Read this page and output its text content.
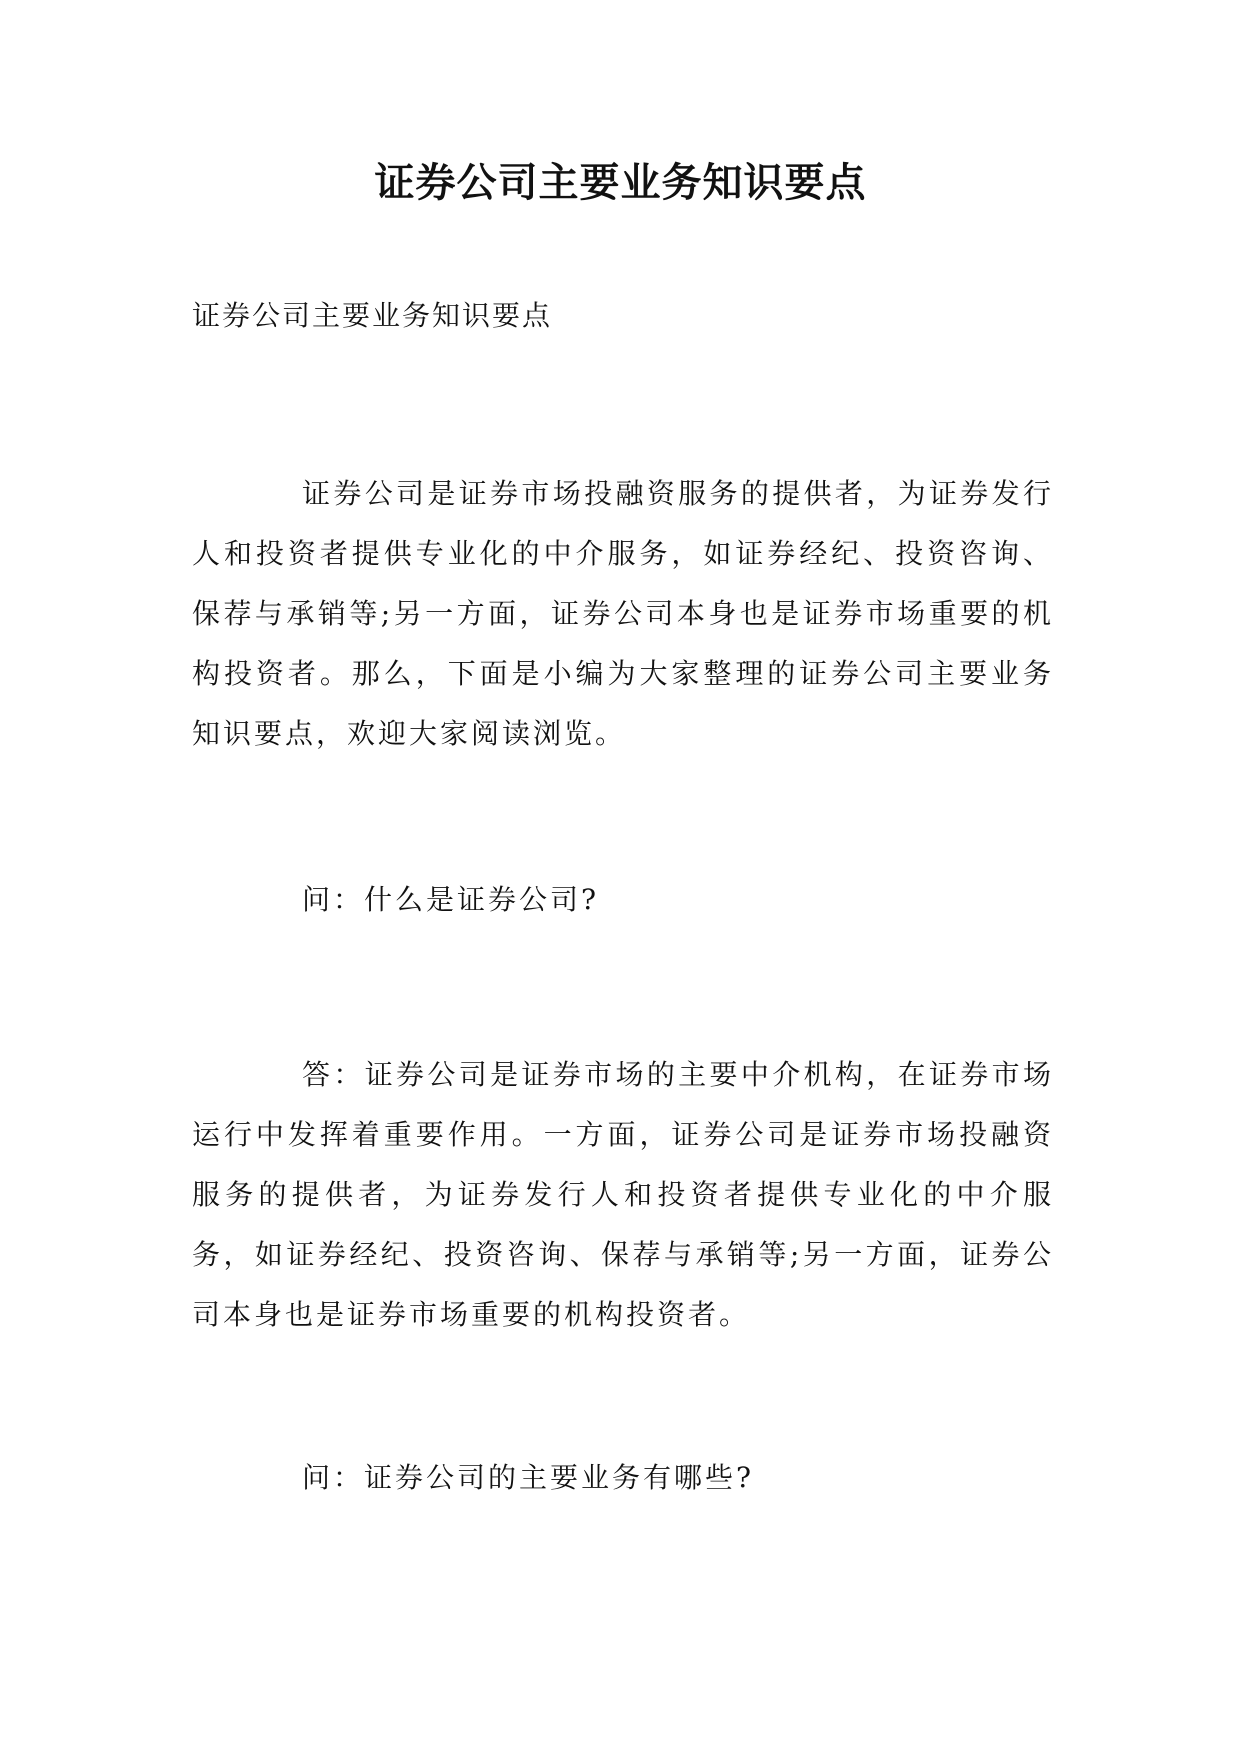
证券公司主要业务知识要点

证券公司主要业务知识要点

证券公司是证券市场投融资服务的提供者，为证券发行人和投资者提供专业化的中介服务，如证券经纪、投资咨询、保荐与承销等;另一方面，证券公司本身也是证券市场重要的机构投资者。那么，下面是小编为大家整理的证券公司主要业务知识要点，欢迎大家阅读浏览。

问：什么是证券公司?

答：证券公司是证券市场的主要中介机构，在证券市场运行中发挥着重要作用。一方面，证券公司是证券市场投融资服务的提供者，为证券发行人和投资者提供专业化的中介服务，如证券经纪、投资咨询、保荐与承销等;另一方面，证券公司本身也是证券市场重要的机构投资者。

问：证券公司的主要业务有哪些?
